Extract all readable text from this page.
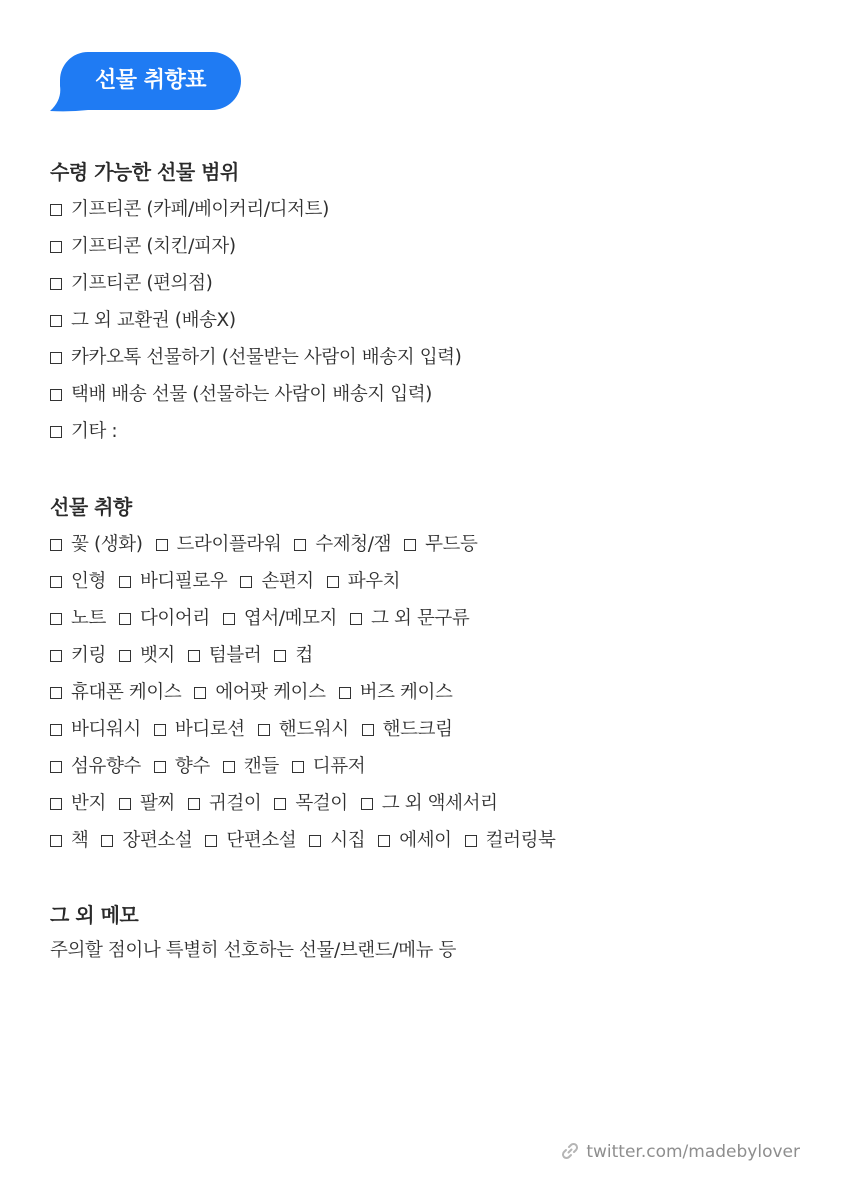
선물 취향표
수령 가능한 선물 범위
기프티콘 (카페/베이커리/디저트)
기프티콘 (치킨/피자)
기프티콘 (편의점)
그 외 교환권 (배송X)
카카오톡 선물하기 (선물받는 사람이 배송지 입력)
택배 배송 선물 (선물하는 사람이 배송지 입력)
기타 :
선물 취향
꽃 (생화) 드라이플라워 수제청/잼 무드등
인형 바디필로우 손편지 파우치
노트 다이어리 엽서/메모지 그 외 문구류
키링 뱃지 텀블러 컵
휴대폰 케이스 에어팟 케이스 버즈 케이스
바디워시 바디로션 핸드워시 핸드크림
섬유향수 향수 캔들 디퓨저
반지 팔찌 귀걸이 목걸이 그 외 액세서리
책 장편소설 단편소설 시집 에세이 컬러링북
그 외 메모
주의할 점이나 특별히 선호하는 선물/브랜드/메뉴 등
twitter.com/madebylover
